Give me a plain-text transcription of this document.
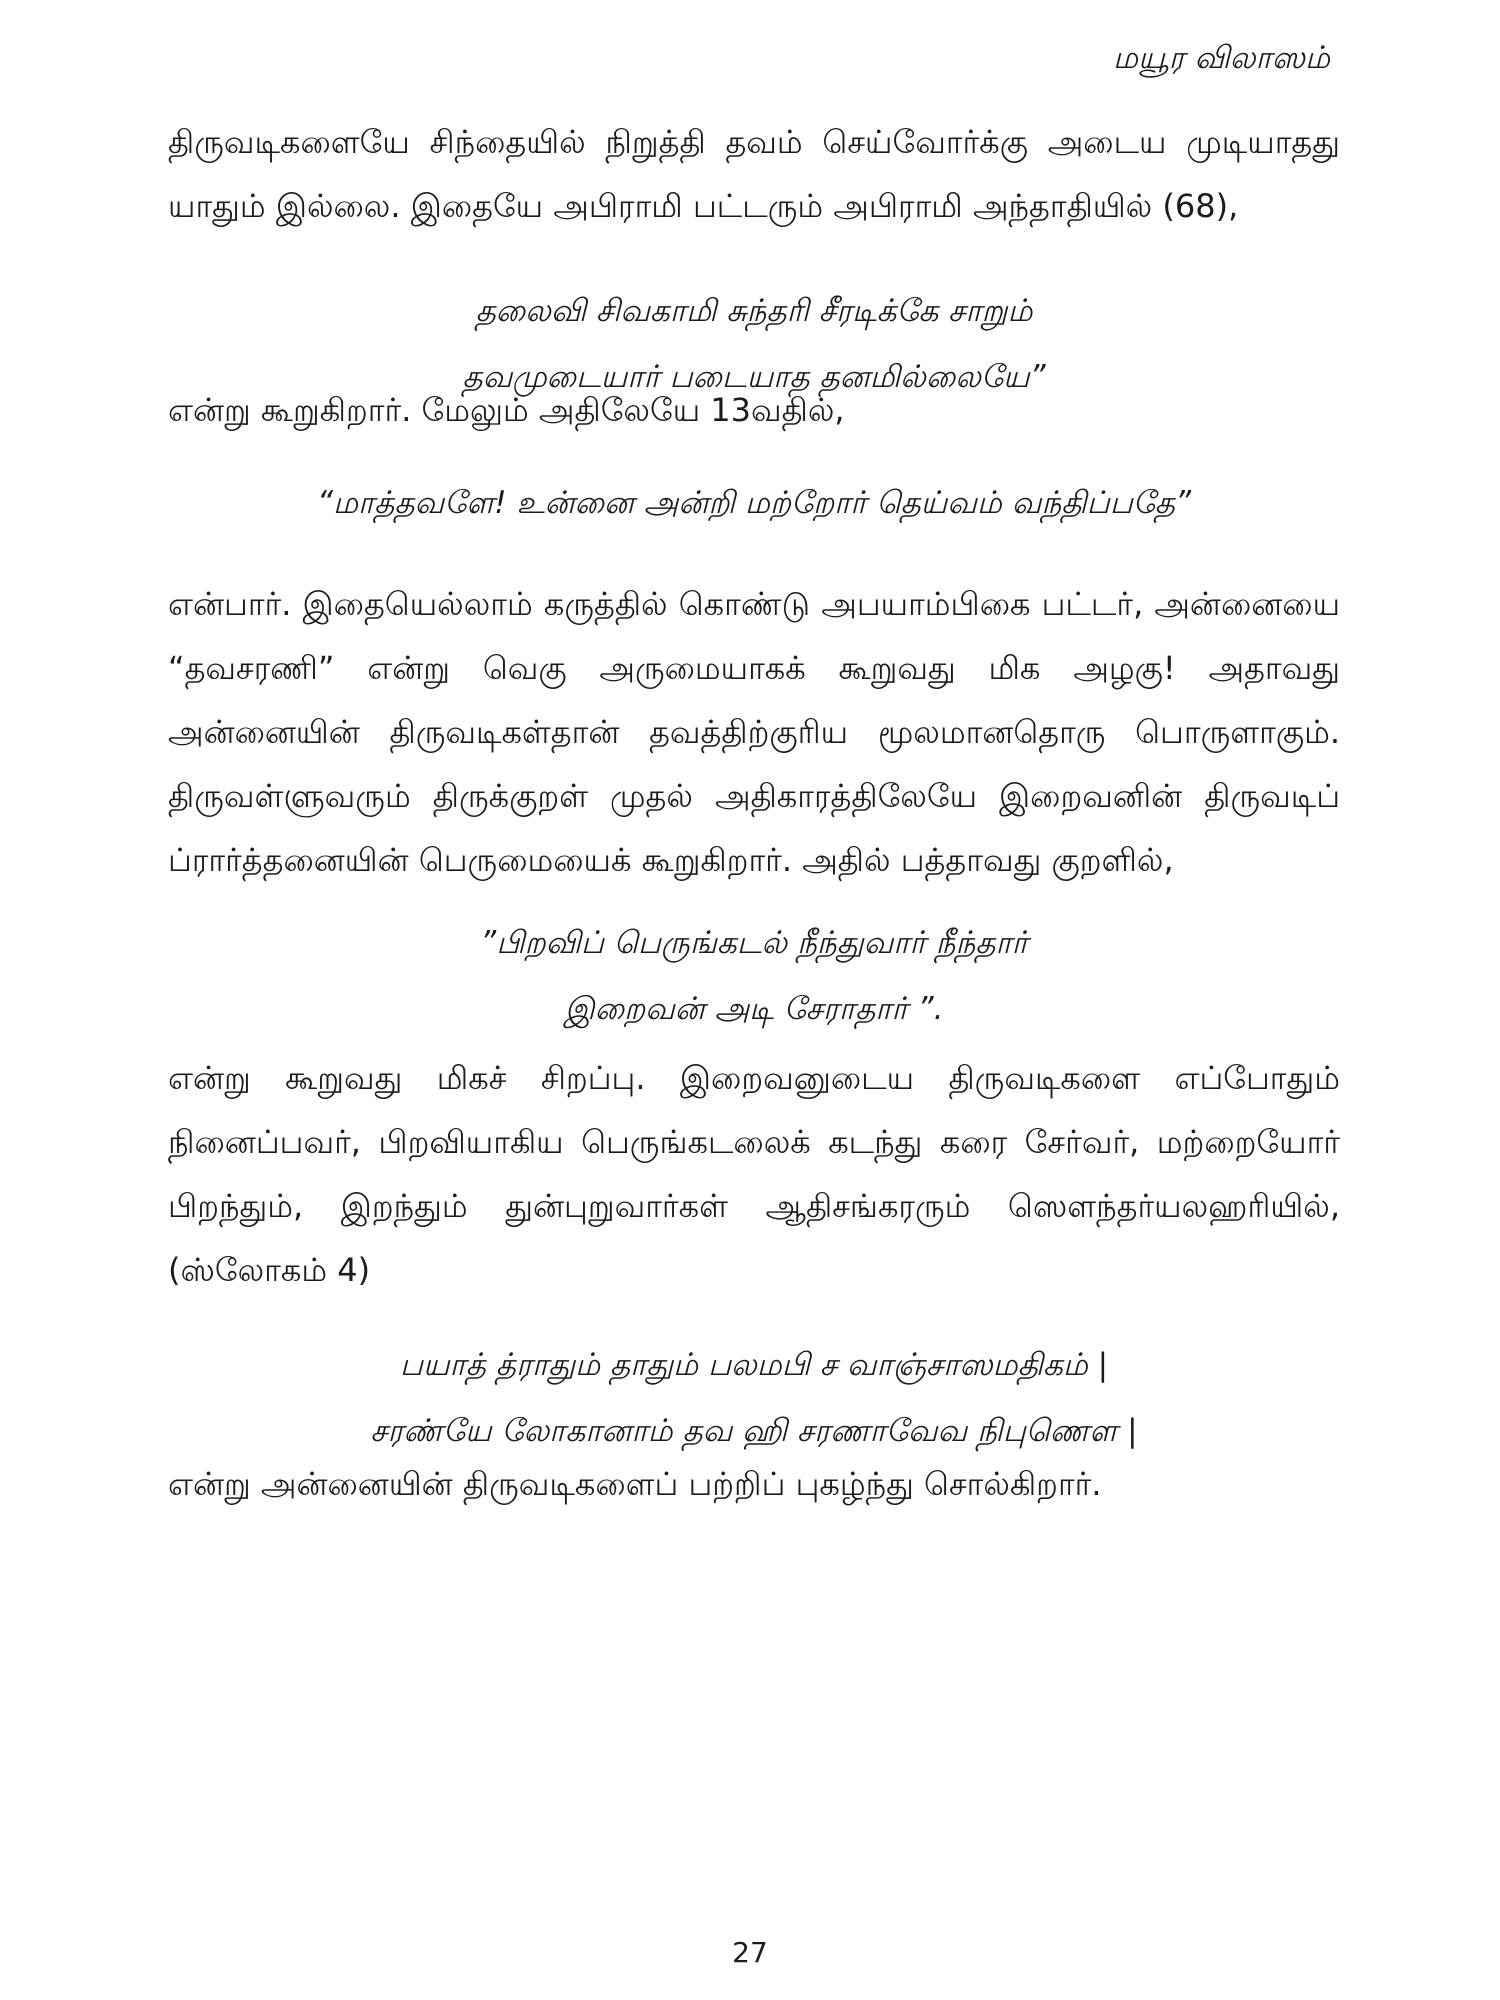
மயூர விலாஸம்

திருவடிகளையே சிந்தையில் நிறுத்தி தவம் செய்வோர்க்கு அடைய முடியாதது யாதும் இல்லை. இதையே அபிராமி பட்டரும் அபிராமி அந்தாதியில் (68),

தலைவி சிவகாமி சுந்தரி சீரடிக்கே சாறும்
தவமுடையார் படையாத தனமில்லையே”

என்று கூறுகிறார். மேலும் அதிலேயே 13வதில்,

“மாத்தவளே! உன்னை அன்றி மற்றோர் தெய்வம் வந்திப்பதே”

என்பார். இதையெல்லாம் கருத்தில் கொண்டு அபயாம்பிகை பட்டர், அன்னையை “தவசரணி” என்று வெகு அருமையாகக் கூறுவது மிக அழகு! அதாவது அன்னையின் திருவடிகள்தான் தவத்திற்குரிய மூலமானதொரு பொருளாகும். திருவள்ளுவரும் திருக்குறள் முதல் அதிகாரத்திலேயே இறைவனின் திருவடிப் ப்ரார்த்தனையின் பெருமையைக் கூறுகிறார். அதில் பத்தாவது குறளில்,

”பிறவிப் பெருங்கடல் நீந்துவார் நீந்தார்
இறைவன் அடி சேராதார் ”.

என்று கூறுவது மிகச் சிறப்பு. இறைவனுடைய திருவடிகளை எப்போதும் நினைப்பவர், பிறவியாகிய பெருங்கடலைக் கடந்து கரை சேர்வர், மற்றையோர் பிறந்தும், இறந்தும் துன்புறுவார்கள் ஆதிசங்கரரும் ஸௌந்தர்யலஹரியில், (ஸ்லோகம் 4)

பயாத் த்ராதும் தாதும் பலமபி ச வாஞ்சாஸமதிகம் |
சரண்யே லோகானாம் தவ ஹி சரணாவேவ நிபுணௌ |

என்று அன்னையின் திருவடிகளைப் பற்றிப் புகழ்ந்து சொல்கிறார்.

27
